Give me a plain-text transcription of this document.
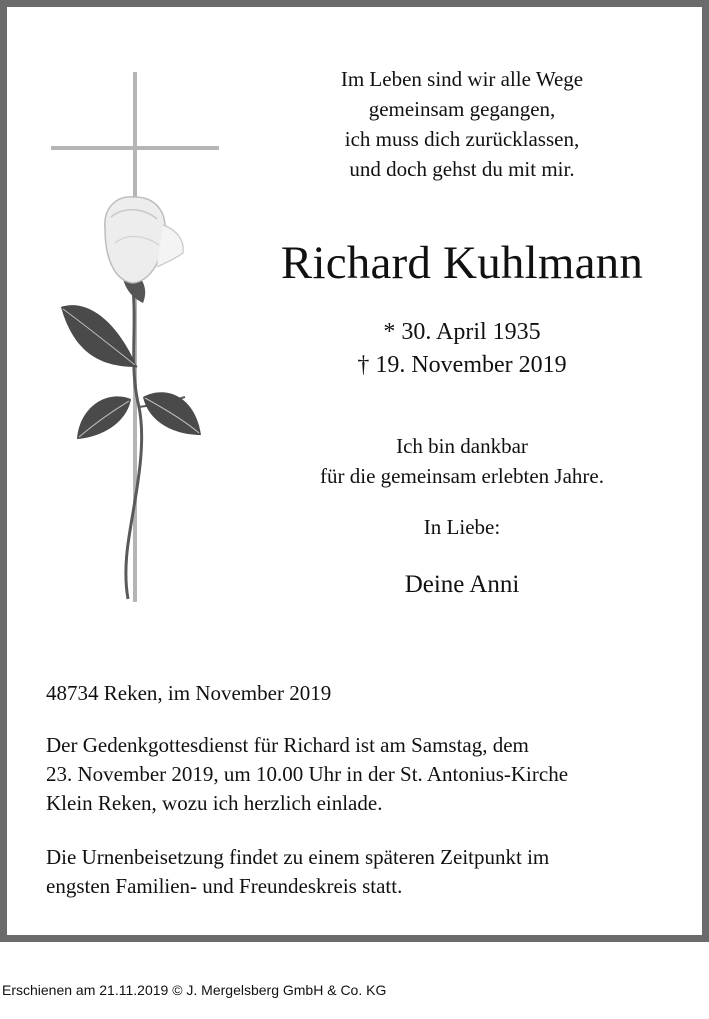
Im Leben sind wir alle Wege
gemeinsam gegangen,
ich muss dich zurücklassen,
und doch gehst du mit mir.
Richard Kuhlmann
* 30. April 1935
† 19. November 2019
Ich bin dankbar
für die gemeinsam erlebten Jahre.
In Liebe:
Deine Anni
48734 Reken, im November 2019
Der Gedenkgottesdienst für Richard ist am Samstag, dem
23. November 2019, um 10.00 Uhr in der St. Antonius-Kirche
Klein Reken, wozu ich herzlich einlade.
Die Urnenbeisetzung findet zu einem späteren Zeitpunkt im
engsten Familien- und Freundeskreis statt.
Erschienen am 21.11.2019 © J. Mergelsberg GmbH & Co. KG
